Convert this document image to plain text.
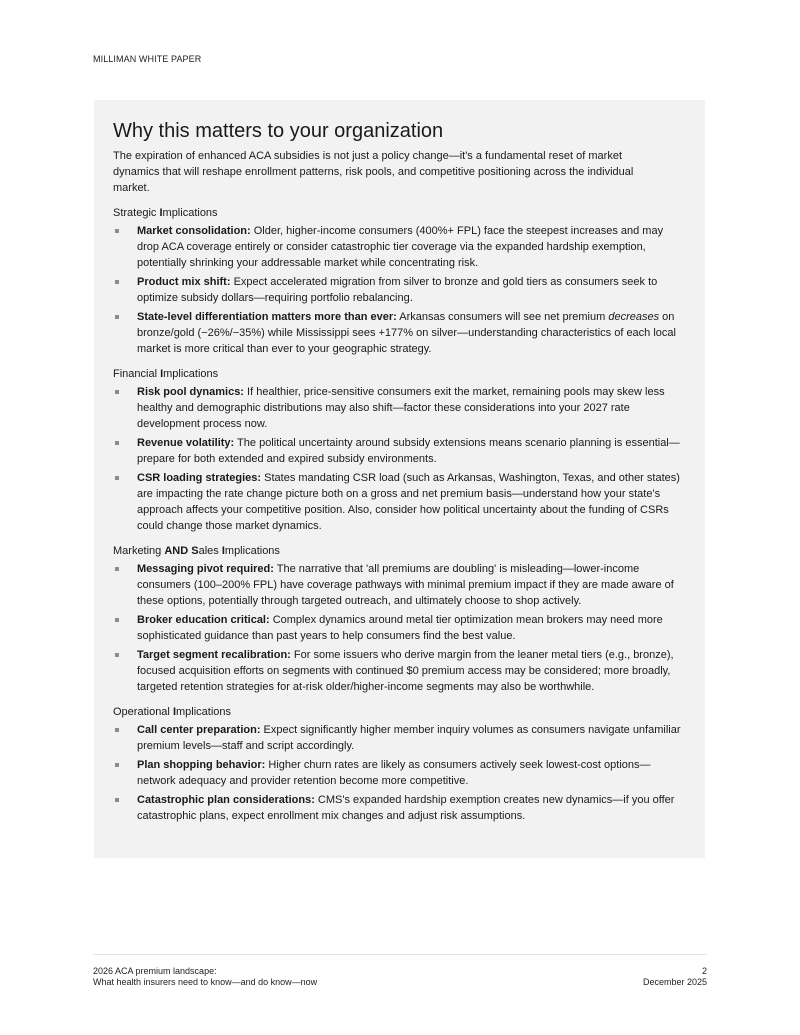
MILLIMAN WHITE PAPER
Why this matters to your organization

The expiration of enhanced ACA subsidies is not just a policy change—it's a fundamental reset of market dynamics that will reshape enrollment patterns, risk pools, and competitive positioning across the individual market.

Strategic Implications
Market consolidation: Older, higher-income consumers (400%+ FPL) face the steepest increases and may drop ACA coverage entirely or consider catastrophic tier coverage via the expanded hardship exemption, potentially shrinking your addressable market while concentrating risk.
Product mix shift: Expect accelerated migration from silver to bronze and gold tiers as consumers seek to optimize subsidy dollars—requiring portfolio rebalancing.
State-level differentiation matters more than ever: Arkansas consumers will see net premium decreases on bronze/gold (−26%/−35%) while Mississippi sees +177% on silver—understanding characteristics of each local market is more critical than ever to your geographic strategy.
Financial Implications
Risk pool dynamics: If healthier, price-sensitive consumers exit the market, remaining pools may skew less healthy and demographic distributions may also shift—factor these considerations into your 2027 rate development process now.
Revenue volatility: The political uncertainty around subsidy extensions means scenario planning is essential—prepare for both extended and expired subsidy environments.
CSR loading strategies: States mandating CSR load (such as Arkansas, Washington, Texas, and other states) are impacting the rate change picture both on a gross and net premium basis—understand how your state's approach affects your competitive position. Also, consider how political uncertainty about the funding of CSRs could change those market dynamics.
Marketing AND Sales Implications
Messaging pivot required: The narrative that 'all premiums are doubling' is misleading—lower-income consumers (100–200% FPL) have coverage pathways with minimal premium impact if they are made aware of these options, potentially through targeted outreach, and ultimately choose to shop actively.
Broker education critical: Complex dynamics around metal tier optimization mean brokers may need more sophisticated guidance than past years to help consumers find the best value.
Target segment recalibration: For some issuers who derive margin from the leaner metal tiers (e.g., bronze), focused acquisition efforts on segments with continued $0 premium access may be considered; more broadly, targeted retention strategies for at-risk older/higher-income segments may also be worthwhile.
Operational Implications
Call center preparation: Expect significantly higher member inquiry volumes as consumers navigate unfamiliar premium levels—staff and script accordingly.
Plan shopping behavior: Higher churn rates are likely as consumers actively seek lowest-cost options—network adequacy and provider retention become more competitive.
Catastrophic plan considerations: CMS's expanded hardship exemption creates new dynamics—if you offer catastrophic plans, expect enrollment mix changes and adjust risk assumptions.
2026 ACA premium landscape:
What health insurers need to know—and do know—now
2
December 2025
